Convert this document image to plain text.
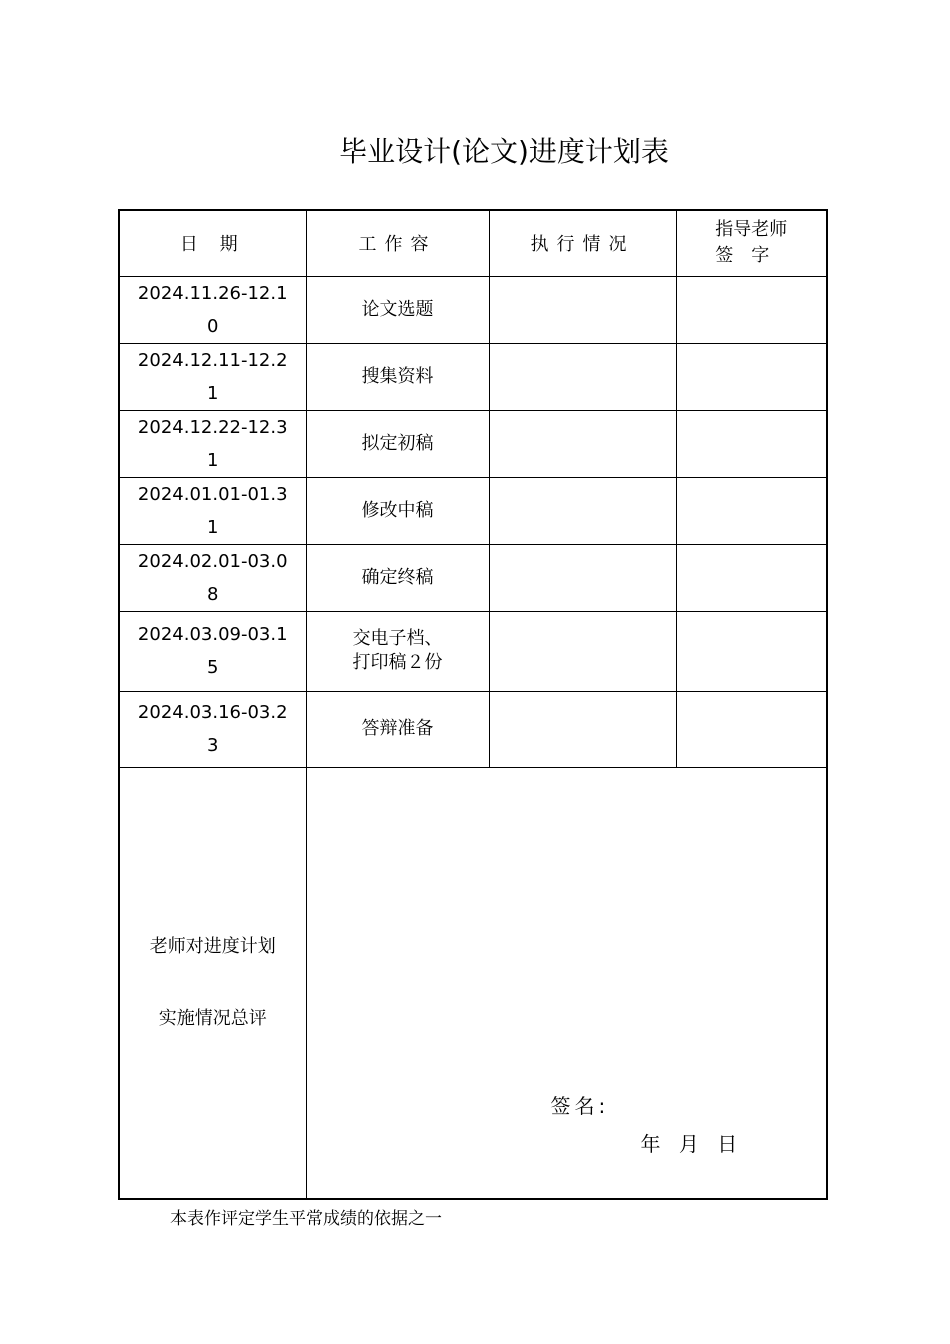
毕业设计(论文)进度计划表
日 期	工作容	执行情况	指导老师
签字

2024.11.26-12.10	论文选题		
2024.12.11-12.21	搜集资料		
2024.12.22-12.31	拟定初稿		
2024.01.01-01.31	修改中稿		
2024.02.01-03.08	确定终稿		
2024.03.09-03.15	交电子档、打印稿２份		
2024.03.16-03.23	答辩准备		
老师对进度计划
实施情况总评	签名:
年 月 日		
本表作评定学生平常成绩的依据之一
